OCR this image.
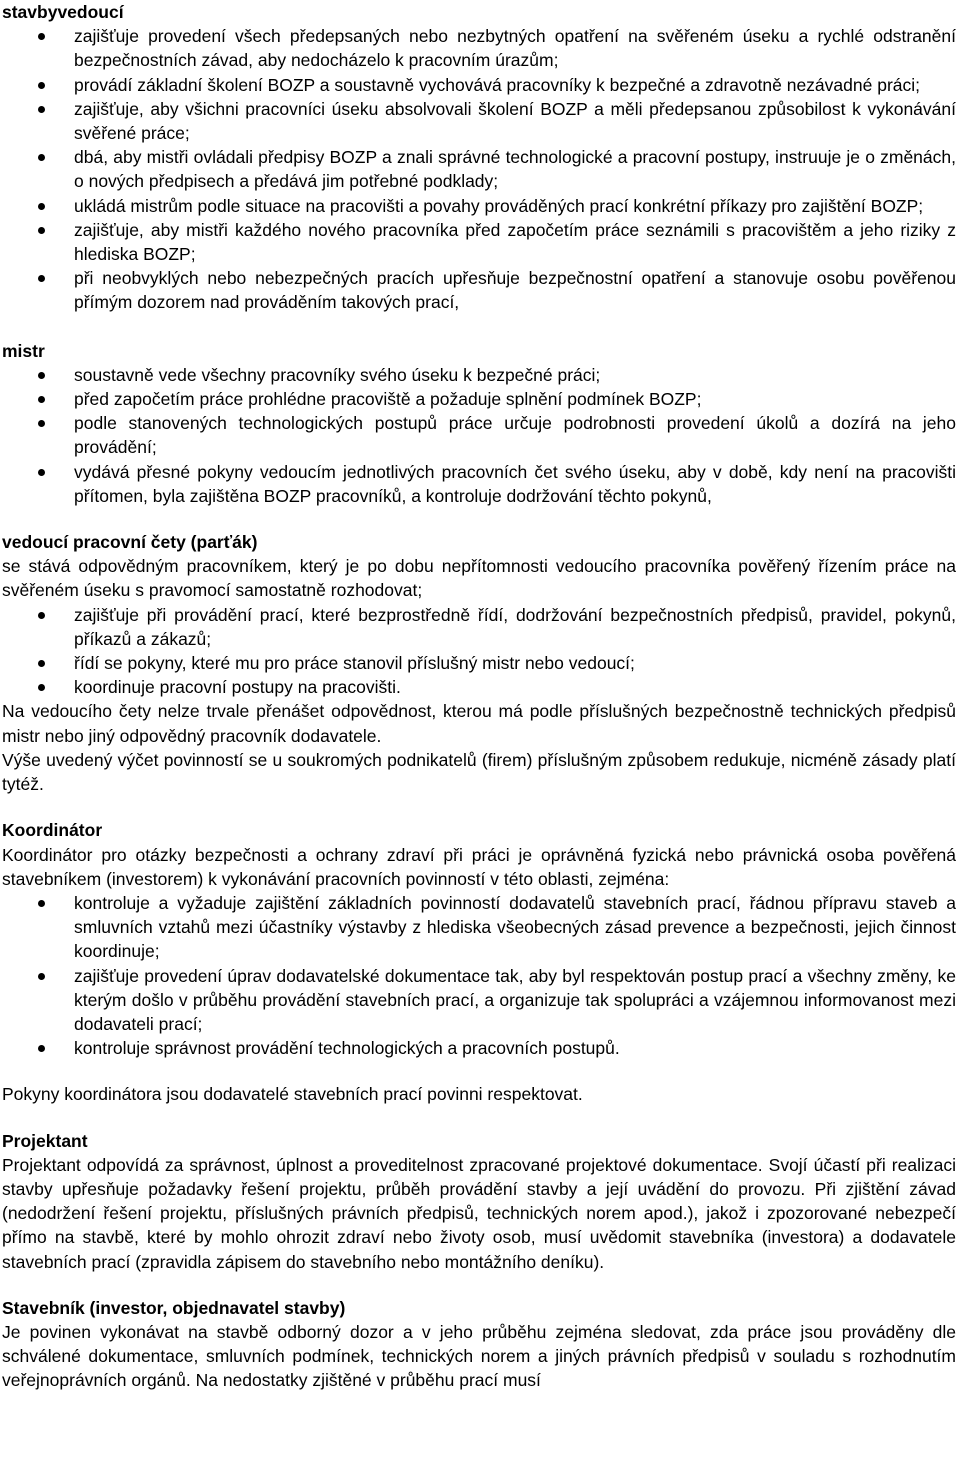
stavbyvedoucí
zajišťuje provedení všech předepsaných nebo nezbytných opatření na svěřeném úseku a rychlé odstranění bezpečnostních závad, aby nedocházelo k pracovním úrazům;
provádí základní školení BOZP a soustavně vychovává pracovníky k bezpečné a zdravotně nezávadné práci;
zajišťuje, aby všichni pracovníci úseku absolvovali školení BOZP a měli předepsanou způsobilost k vykonávání svěřené práce;
dbá, aby mistři ovládali předpisy BOZP a znali správné technologické a pracovní postupy, instruuje je o změnách, o nových předpisech a předává jim potřebné podklady;
ukládá mistrům podle situace na pracovišti a povahy prováděných prací konkrétní příkazy pro zajištění BOZP;
zajišťuje, aby mistři každého nového pracovníka před započetím práce seznámili s pracovištěm a jeho riziky z hlediska BOZP;
při neobvyklých nebo nebezpečných pracích upřesňuje bezpečnostní opatření a stanovuje osobu pověřenou přímým dozorem nad prováděním takových prací,
mistr
soustavně vede všechny pracovníky svého úseku k bezpečné práci;
před započetím práce prohlédne pracoviště a požaduje splnění podmínek BOZP;
podle stanovených technologických postupů práce určuje podrobnosti provedení úkolů a dozírá na jeho provádění;
vydává přesné pokyny vedoucím jednotlivých pracovních čet svého úseku, aby v době, kdy není na pracovišti přítomen, byla zajištěna BOZP pracovníků, a kontroluje dodržování těchto pokynů,
vedoucí pracovní čety (parťák)
se stává odpovědným pracovníkem, který je po dobu nepřítomnosti vedoucího pracovníka pověřený řízením práce na svěřeném úseku s pravomocí samostatně rozhodovat;
zajišťuje při provádění prací, které bezprostředně řídí, dodržování bezpečnostních předpisů, pravidel, pokynů, příkazů a zákazů;
řídí se pokyny, které mu pro práce stanovil příslušný mistr nebo vedoucí;
koordinuje pracovní postupy na pracovišti.
Na vedoucího čety nelze trvale přenášet odpovědnost, kterou má podle příslušných bezpečnostně technických předpisů mistr nebo jiný odpovědný pracovník dodavatele.
Výše uvedený výčet povinností se u soukromých podnikatelů (firem) příslušným způsobem redukuje, nicméně zásady platí tytéž.
Koordinátor
Koordinátor pro otázky bezpečnosti a ochrany zdraví při práci je oprávněná fyzická nebo právnická osoba pověřená stavebníkem (investorem) k vykonávání pracovních povinností v této oblasti, zejména:
kontroluje a vyžaduje zajištění základních povinností dodavatelů stavebních prací, řádnou přípravu staveb a smluvních vztahů mezi účastníky výstavby z hlediska všeobecných zásad prevence a bezpečnosti, jejich činnost koordinuje;
zajišťuje provedení úprav dodavatelské dokumentace tak, aby byl respektován postup prací a všechny změny, ke kterým došlo v průběhu provádění stavebních prací, a organizuje tak spolupráci a vzájemnou informovanost mezi dodavateli prací;
kontroluje správnost provádění technologických a pracovních postupů.
Pokyny koordinátora jsou dodavatelé stavebních prací povinni respektovat.
Projektant
Projektant odpovídá za správnost, úplnost a proveditelnost zpracované projektové dokumentace. Svojí účastí při realizaci stavby upřesňuje požadavky řešení projektu, průběh provádění stavby a její uvádění do provozu. Při zjištění závad (nedodržení řešení projektu, příslušných právních předpisů, technických norem apod.), jakož i zpozorované nebezpečí přímo na stavbě, které by mohlo ohrozit zdraví nebo životy osob, musí uvědomit stavebníka (investora) a dodavatele stavebních prací (zpravidla zápisem do stavebního nebo montážního deníku).
Stavebník (investor, objednavatel stavby)
Je povinen vykonávat na stavbě odborný dozor a v jeho průběhu zejména sledovat, zda práce jsou prováděny dle schválené dokumentace, smluvních podmínek, technických norem a jiných právních předpisů v souladu s rozhodnutím veřejnoprávních orgánů. Na nedostatky zjištěné v průběhu prací musí
